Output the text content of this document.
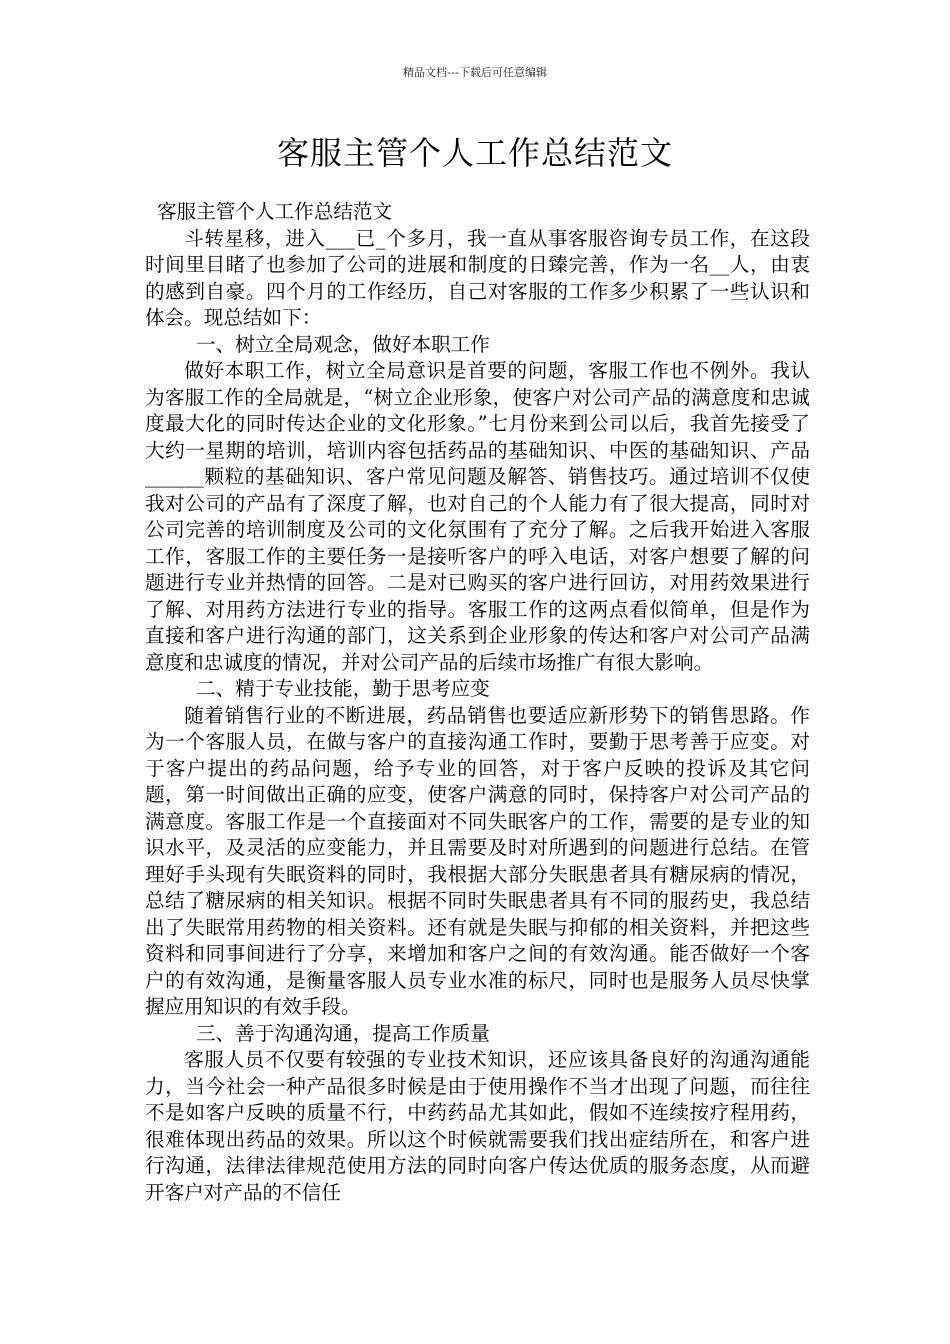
精品文档---下载后可任意编辑
客服主管个人工作总结范文

客服主管个人工作总结范文

斗转星移，进入___已_个多月，我一直从事客服咨询专员工作，在这段时间里目睹了也参加了公司的进展和制度的日臻完善，作为一名__人，由衷的感到自豪。四个月的工作经历，自己对客服的工作多少积累了一些认识和体会。现总结如下：

一、树立全局观念，做好本职工作

做好本职工作，树立全局意识是首要的问题，客服工作也不例外。我认为客服工作的全局就是，“树立企业形象，使客户对公司产品的满意度和忠诚度最大化的同时传达企业的文化形象。”七月份来到公司以后，我首先接受了大约一星期的培训，培训内容包括药品的基础知识、中医的基础知识、产品______颗粒的基础知识、客户常见问题及解答、销售技巧。通过培训不仅使我对公司的产品有了深度了解，也对自己的个人能力有了很大提高，同时对公司完善的培训制度及公司的文化氛围有了充分了解。之后我开始进入客服工作，客服工作的主要任务一是接听客户的呼入电话，对客户想要了解的问题进行专业并热情的回答。二是对已购买的客户进行回访，对用药效果进行了解、对用药方法进行专业的指导。客服工作的这两点看似简单，但是作为直接和客户进行沟通的部门，这关系到企业形象的传达和客户对公司产品满意度和忠诚度的情况，并对公司产品的后续市场推广有很大影响。

二、精于专业技能，勤于思考应变

随着销售行业的不断进展，药品销售也要适应新形势下的销售思路。作为一个客服人员，在做与客户的直接沟通工作时，要勤于思考善于应变。对于客户提出的药品问题，给予专业的回答，对于客户反映的投诉及其它问题，第一时间做出正确的应变，使客户满意的同时，保持客户对公司产品的满意度。客服工作是一个直接面对不同失眠客户的工作，需要的是专业的知识水平，及灵活的应变能力，并且需要及时对所遇到的问题进行总结。在管理好手头现有失眠资料的同时，我根据大部分失眠患者具有糖尿病的情况，总结了糖尿病的相关知识。根据不同时失眠患者具有不同的服药史，我总结出了失眠常用药物的相关资料。还有就是失眠与抑郁的相关资料，并把这些资料和同事间进行了分享，来增加和客户之间的有效沟通。能否做好一个客户的有效沟通，是衡量客服人员专业水准的标尺，同时也是服务人员尽快掌握应用知识的有效手段。

三、善于沟通沟通，提高工作质量

客服人员不仅要有较强的专业技术知识，还应该具备良好的沟通沟通能力，当今社会一种产品很多时候是由于使用操作不当才出现了问题，而往往不是如客户反映的质量不行，中药药品尤其如此，假如不连续按疗程用药，很难体现出药品的效果。所以这个时候就需要我们找出症结所在，和客户进行沟通，法律法律规范使用方法的同时向客户传达优质的服务态度，从而避开客户对产品的不信任
